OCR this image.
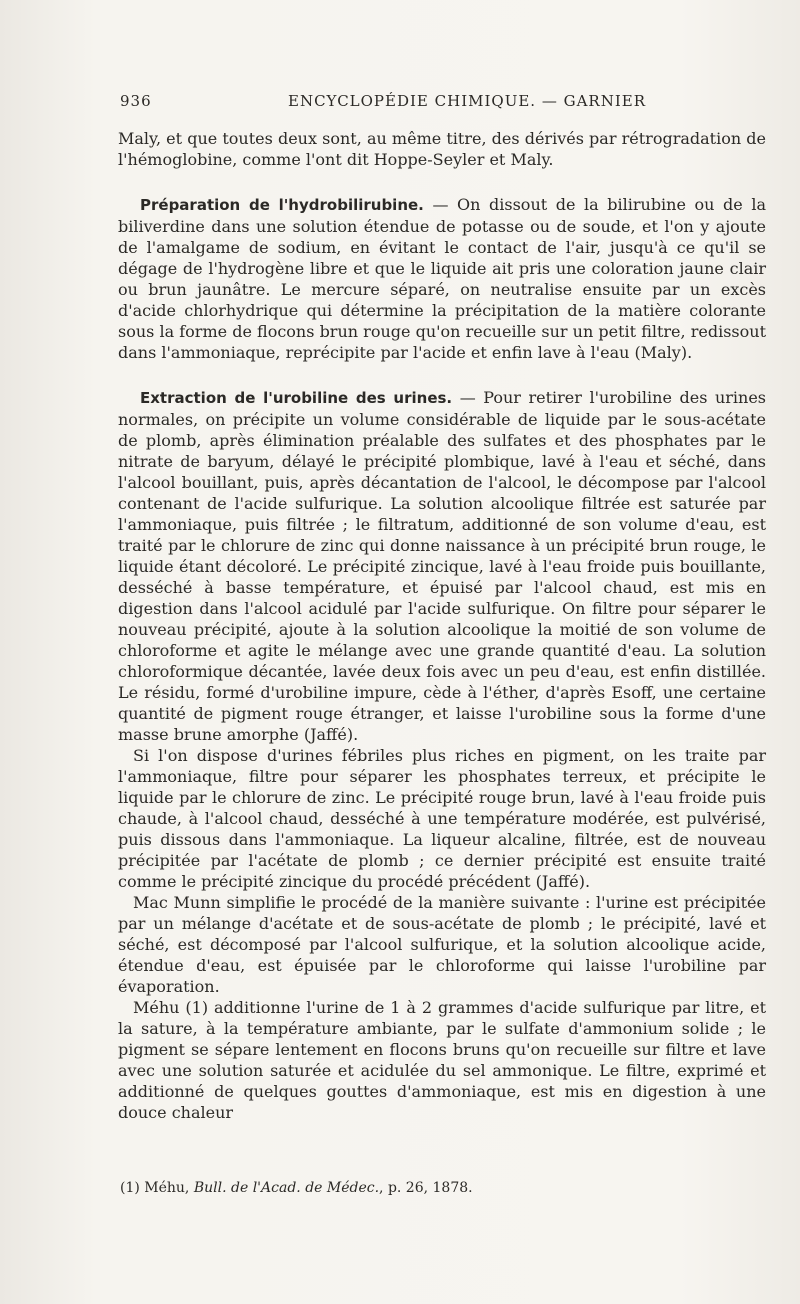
936	ENCYCLOPÉDIE CHIMIQUE. — GARNIER

Maly, et que toutes deux sont, au même titre, des dérivés par rétrogradation de l'hémoglobine, comme l'ont dit Hoppe-Seyler et Maly.

Préparation de l'hydrobilirubine. — On dissout de la bilirubine ou de la biliverdine dans une solution étendue de potasse ou de soude, et l'on y ajoute de l'amalgame de sodium, en évitant le contact de l'air, jusqu'à ce qu'il se dégage de l'hydrogène libre et que le liquide ait pris une coloration jaune clair ou brun jaunâtre. Le mercure séparé, on neutralise ensuite par un excès d'acide chlorhydrique qui détermine la précipitation de la matière colorante sous la forme de flocons brun rouge qu'on recueille sur un petit filtre, redissout dans l'ammoniaque, reprécipite par l'acide et enfin lave à l'eau (Maly).

Extraction de l'urobiline des urines. — Pour retirer l'urobiline des urines normales, on précipite un volume considérable de liquide par le sous-acétate de plomb, après élimination préalable des sulfates et des phosphates par le nitrate de baryum, délayé le précipité plombique, lavé à l'eau et séché, dans l'alcool bouillant, puis, après décantation de l'alcool, le décompose par l'alcool contenant de l'acide sulfurique. La solution alcoolique filtrée est saturée par l'ammoniaque, puis filtrée ; le filtratum, additionné de son volume d'eau, est traité par le chlorure de zinc qui donne naissance à un précipité brun rouge, le liquide étant décoloré. Le précipité zincique, lavé à l'eau froide puis bouillante, desséché à basse température, et épuisé par l'alcool chaud, est mis en digestion dans l'alcool acidulé par l'acide sulfurique. On filtre pour séparer le nouveau précipité, ajoute à la solution alcoolique la moitié de son volume de chloroforme et agite le mélange avec une grande quantité d'eau. La solution chloroformique décantée, lavée deux fois avec un peu d'eau, est enfin distillée. Le résidu, formé d'urobiline impure, cède à l'éther, d'après Esoff, une certaine quantité de pigment rouge étranger, et laisse l'urobiline sous la forme d'une masse brune amorphe (Jaffé).

Si l'on dispose d'urines fébriles plus riches en pigment, on les traite par l'ammoniaque, filtre pour séparer les phosphates terreux, et précipite le liquide par le chlorure de zinc. Le précipité rouge brun, lavé à l'eau froide puis chaude, à l'alcool chaud, desséché à une température modérée, est pulvérisé, puis dissous dans l'ammoniaque. La liqueur alcaline, filtrée, est de nouveau précipitée par l'acétate de plomb ; ce dernier précipité est ensuite traité comme le précipité zincique du procédé précédent (Jaffé).

Mac Munn simplifie le procédé de la manière suivante : l'urine est précipitée par un mélange d'acétate et de sous-acétate de plomb ; le précipité, lavé et séché, est décomposé par l'alcool sulfurique, et la solution alcoolique acide, étendue d'eau, est épuisée par le chloroforme qui laisse l'urobiline par évaporation.

Méhu (1) additionne l'urine de 1 à 2 grammes d'acide sulfurique par litre, et la sature, à la température ambiante, par le sulfate d'ammonium solide ; le pigment se sépare lentement en flocons bruns qu'on recueille sur filtre et lave avec une solution saturée et acidulée du sel ammonique. Le filtre, exprimé et additionné de quelques gouttes d'ammoniaque, est mis en digestion à une douce chaleur

(1) Méhu, Bull. de l'Acad. de Médec., p. 26, 1878.
